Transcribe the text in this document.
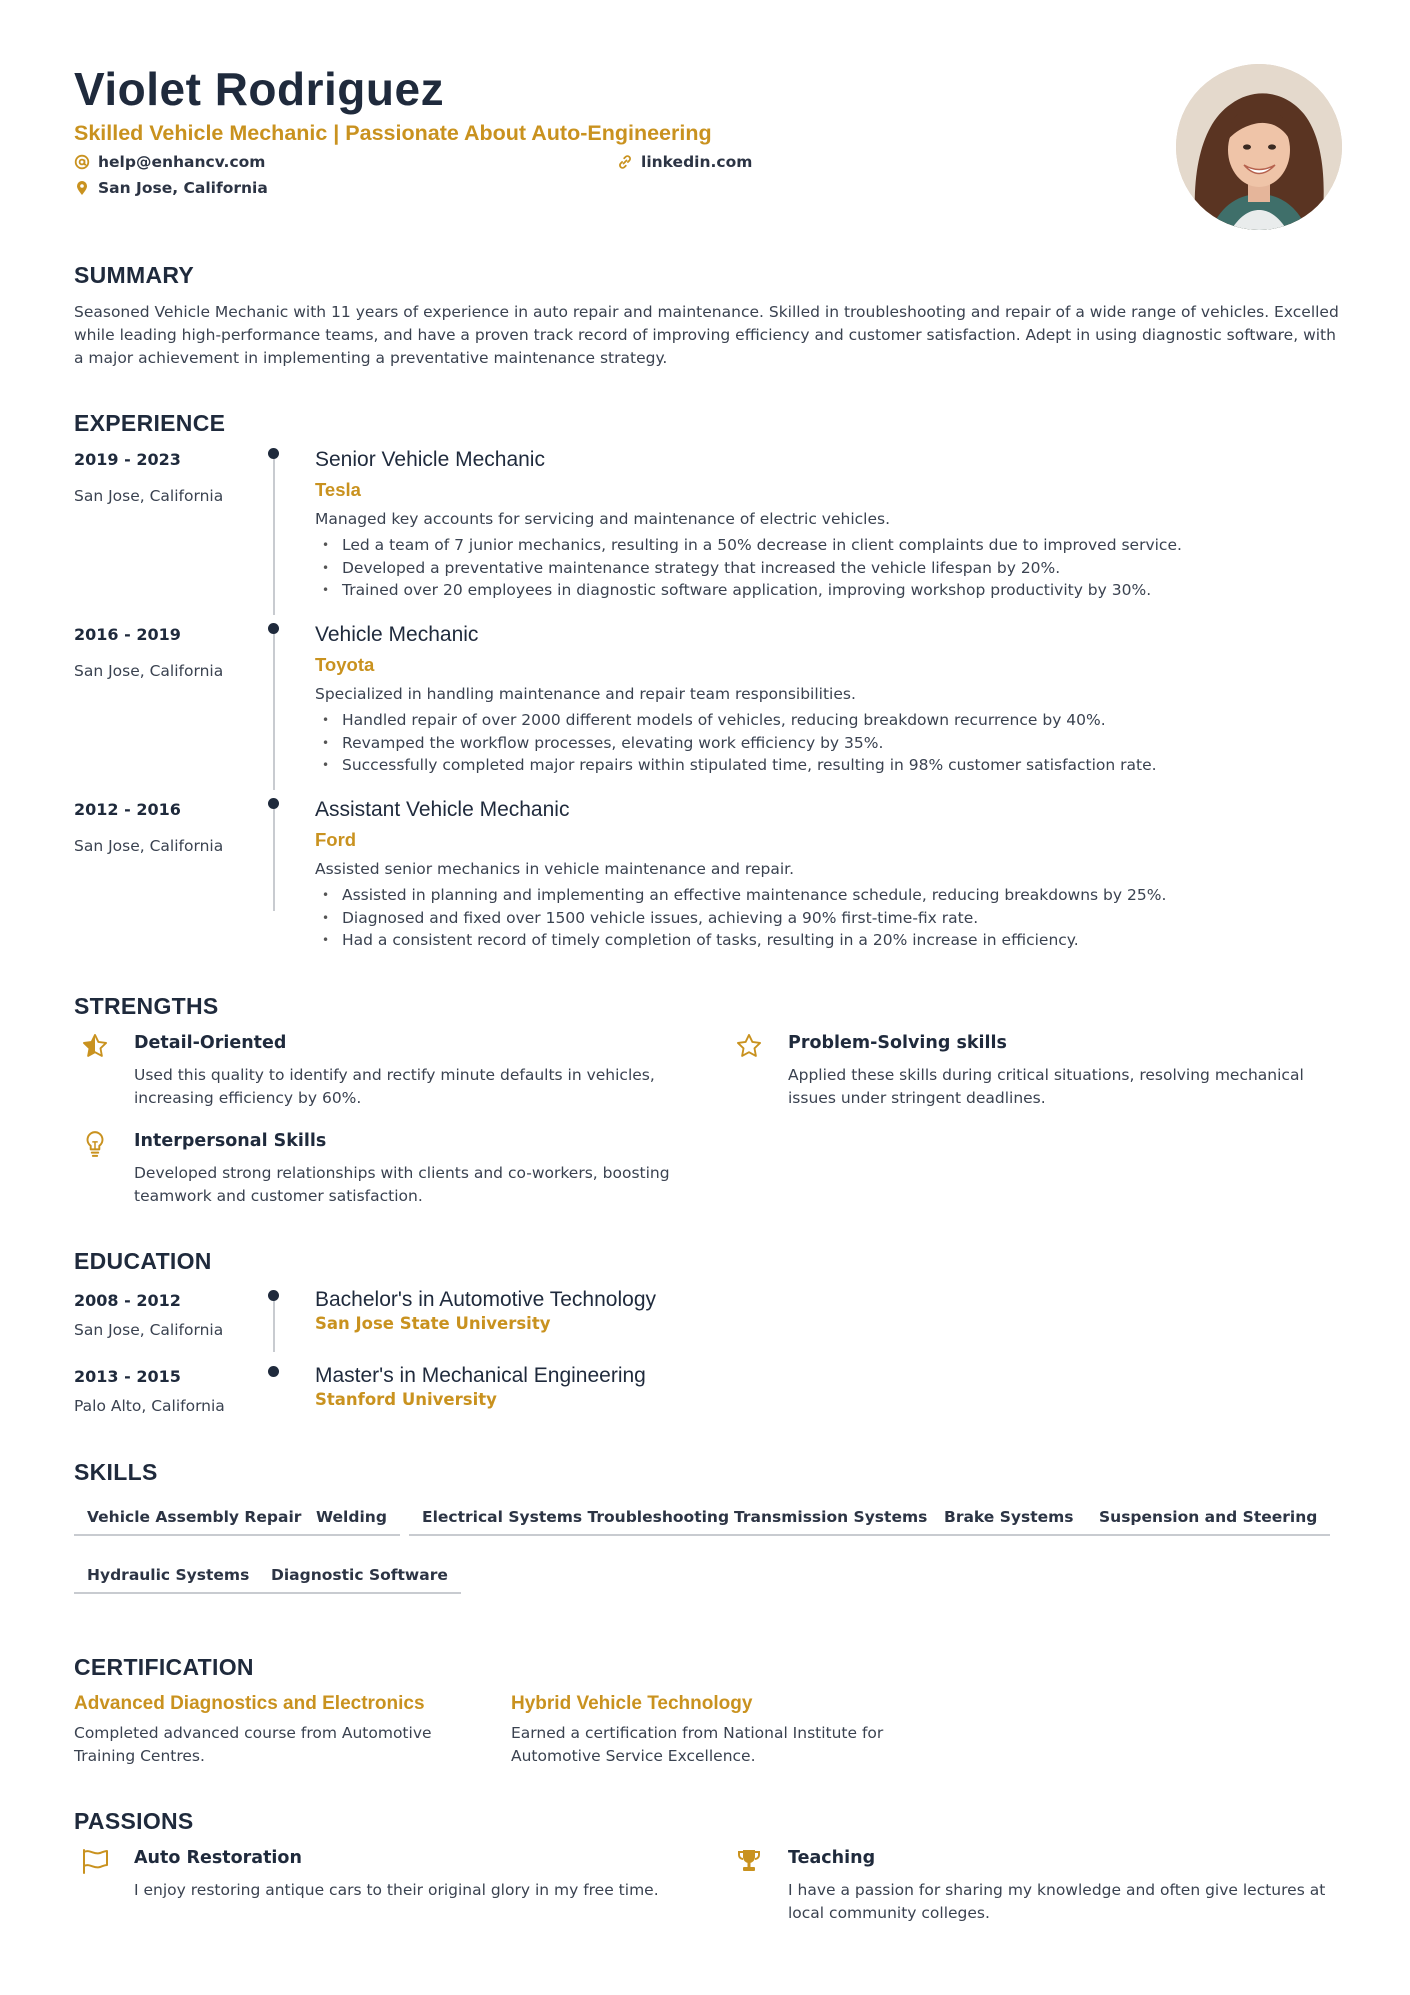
Violet Rodriguez
Skilled Vehicle Mechanic | Passionate About Auto-Engineering
help@enhancv.com	linkedin.com
San Jose, California
SUMMARY
Seasoned Vehicle Mechanic with 11 years of experience in auto repair and maintenance. Skilled in troubleshooting and repair of a wide range of vehicles. Excelled while leading high-performance teams, and have a proven track record of improving efficiency and customer satisfaction. Adept in using diagnostic software, with a major achievement in implementing a preventative maintenance strategy.
EXPERIENCE
2019 - 2023
San Jose, California
Senior Vehicle Mechanic
Tesla
Managed key accounts for servicing and maintenance of electric vehicles.
• Led a team of 7 junior mechanics, resulting in a 50% decrease in client complaints due to improved service.
• Developed a preventative maintenance strategy that increased the vehicle lifespan by 20%.
• Trained over 20 employees in diagnostic software application, improving workshop productivity by 30%.
2016 - 2019
San Jose, California
Vehicle Mechanic
Toyota
Specialized in handling maintenance and repair team responsibilities.
• Handled repair of over 2000 different models of vehicles, reducing breakdown recurrence by 40%.
• Revamped the workflow processes, elevating work efficiency by 35%.
• Successfully completed major repairs within stipulated time, resulting in 98% customer satisfaction rate.
2012 - 2016
San Jose, California
Assistant Vehicle Mechanic
Ford
Assisted senior mechanics in vehicle maintenance and repair.
• Assisted in planning and implementing an effective maintenance schedule, reducing breakdowns by 25%.
• Diagnosed and fixed over 1500 vehicle issues, achieving a 90% first-time-fix rate.
• Had a consistent record of timely completion of tasks, resulting in a 20% increase in efficiency.
STRENGTHS
Detail-Oriented
Used this quality to identify and rectify minute defaults in vehicles, increasing efficiency by 60%.
Problem-Solving skills
Applied these skills during critical situations, resolving mechanical issues under stringent deadlines.
Interpersonal Skills
Developed strong relationships with clients and co-workers, boosting teamwork and customer satisfaction.
EDUCATION
2008 - 2012
San Jose, California
Bachelor's in Automotive Technology
San Jose State University
2013 - 2015
Palo Alto, California
Master's in Mechanical Engineering
Stanford University
SKILLS
Vehicle Assembly Repair Welding	Electrical Systems Troubleshooting Transmission Systems	Brake Systems	Suspension and Steering
Hydraulic Systems	Diagnostic Software
CERTIFICATION
Advanced Diagnostics and Electronics
Completed advanced course from Automotive Training Centres.
Hybrid Vehicle Technology
Earned a certification from National Institute for Automotive Service Excellence.
PASSIONS
Auto Restoration
I enjoy restoring antique cars to their original glory in my free time.
Teaching
I have a passion for sharing my knowledge and often give lectures at local community colleges.
